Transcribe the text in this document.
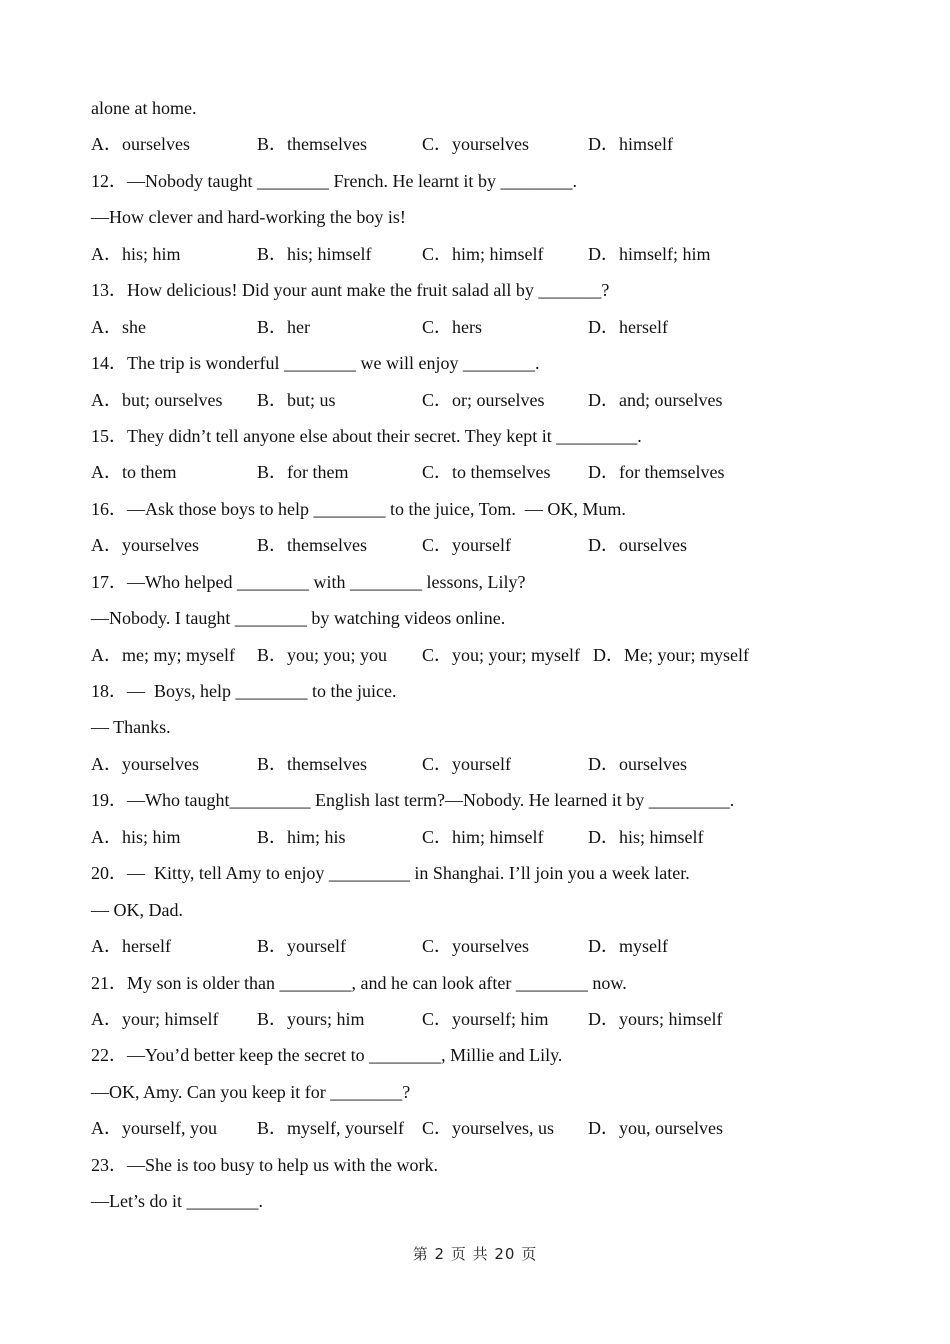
alone at home.
A．ourselves	B．themselves	C．yourselves	D．himself
12．—Nobody taught ________ French. He learnt it by ________.
—How clever and hard-working the boy is!
A．his; him	B．his; himself	C．him; himself D．himself; him
13．How delicious! Did your aunt make the fruit salad all by _______?
A．she	B．her	C．hers	D．herself
14．The trip is wonderful ________ we will enjoy ________.
A．but; ourselves B．but; us	C．or; ourselves D．and; ourselves
15．They didn’t tell anyone else about their secret. They kept it _________.
A．to them	B．for them	C．to themselves D．for themselves
16．—Ask those boys to help ________ to the juice, Tom.  — OK, Mum.
A．yourselves	B．themselves	C．yourself	D．ourselves
17．—Who helped ________ with ________ lessons, Lily?
—Nobody. I taught ________ by watching videos online.
A．me; my; myself B．you; you; you C．you; your; myself D．Me; your; myself
18．—  Boys, help ________ to the juice.
— Thanks.
A．yourselves	B．themselves	C．yourself	D．ourselves
19．—Who taught_________ English last term?—Nobody. He learned it by _________.
A．his; him	B．him; his	C．him; himself D．his; himself
20．—  Kitty, tell Amy to enjoy _________ in Shanghai. I’ll join you a week later.
— OK, Dad.
A．herself	B．yourself	C．yourselves	D．myself
21．My son is older than ________, and he can look after ________ now.
A．your; himself B．yours; him	C．yourself; him D．yours; himself
22．—You’d better keep the secret to ________, Millie and Lily.
—OK, Amy. Can you keep it for ________?
A．yourself, you B．myself, yourself C．yourselves, us D．you, ourselves
23．—She is too busy to help us with the work.
—Let’s do it ________.
第 2 页 共 20 页
